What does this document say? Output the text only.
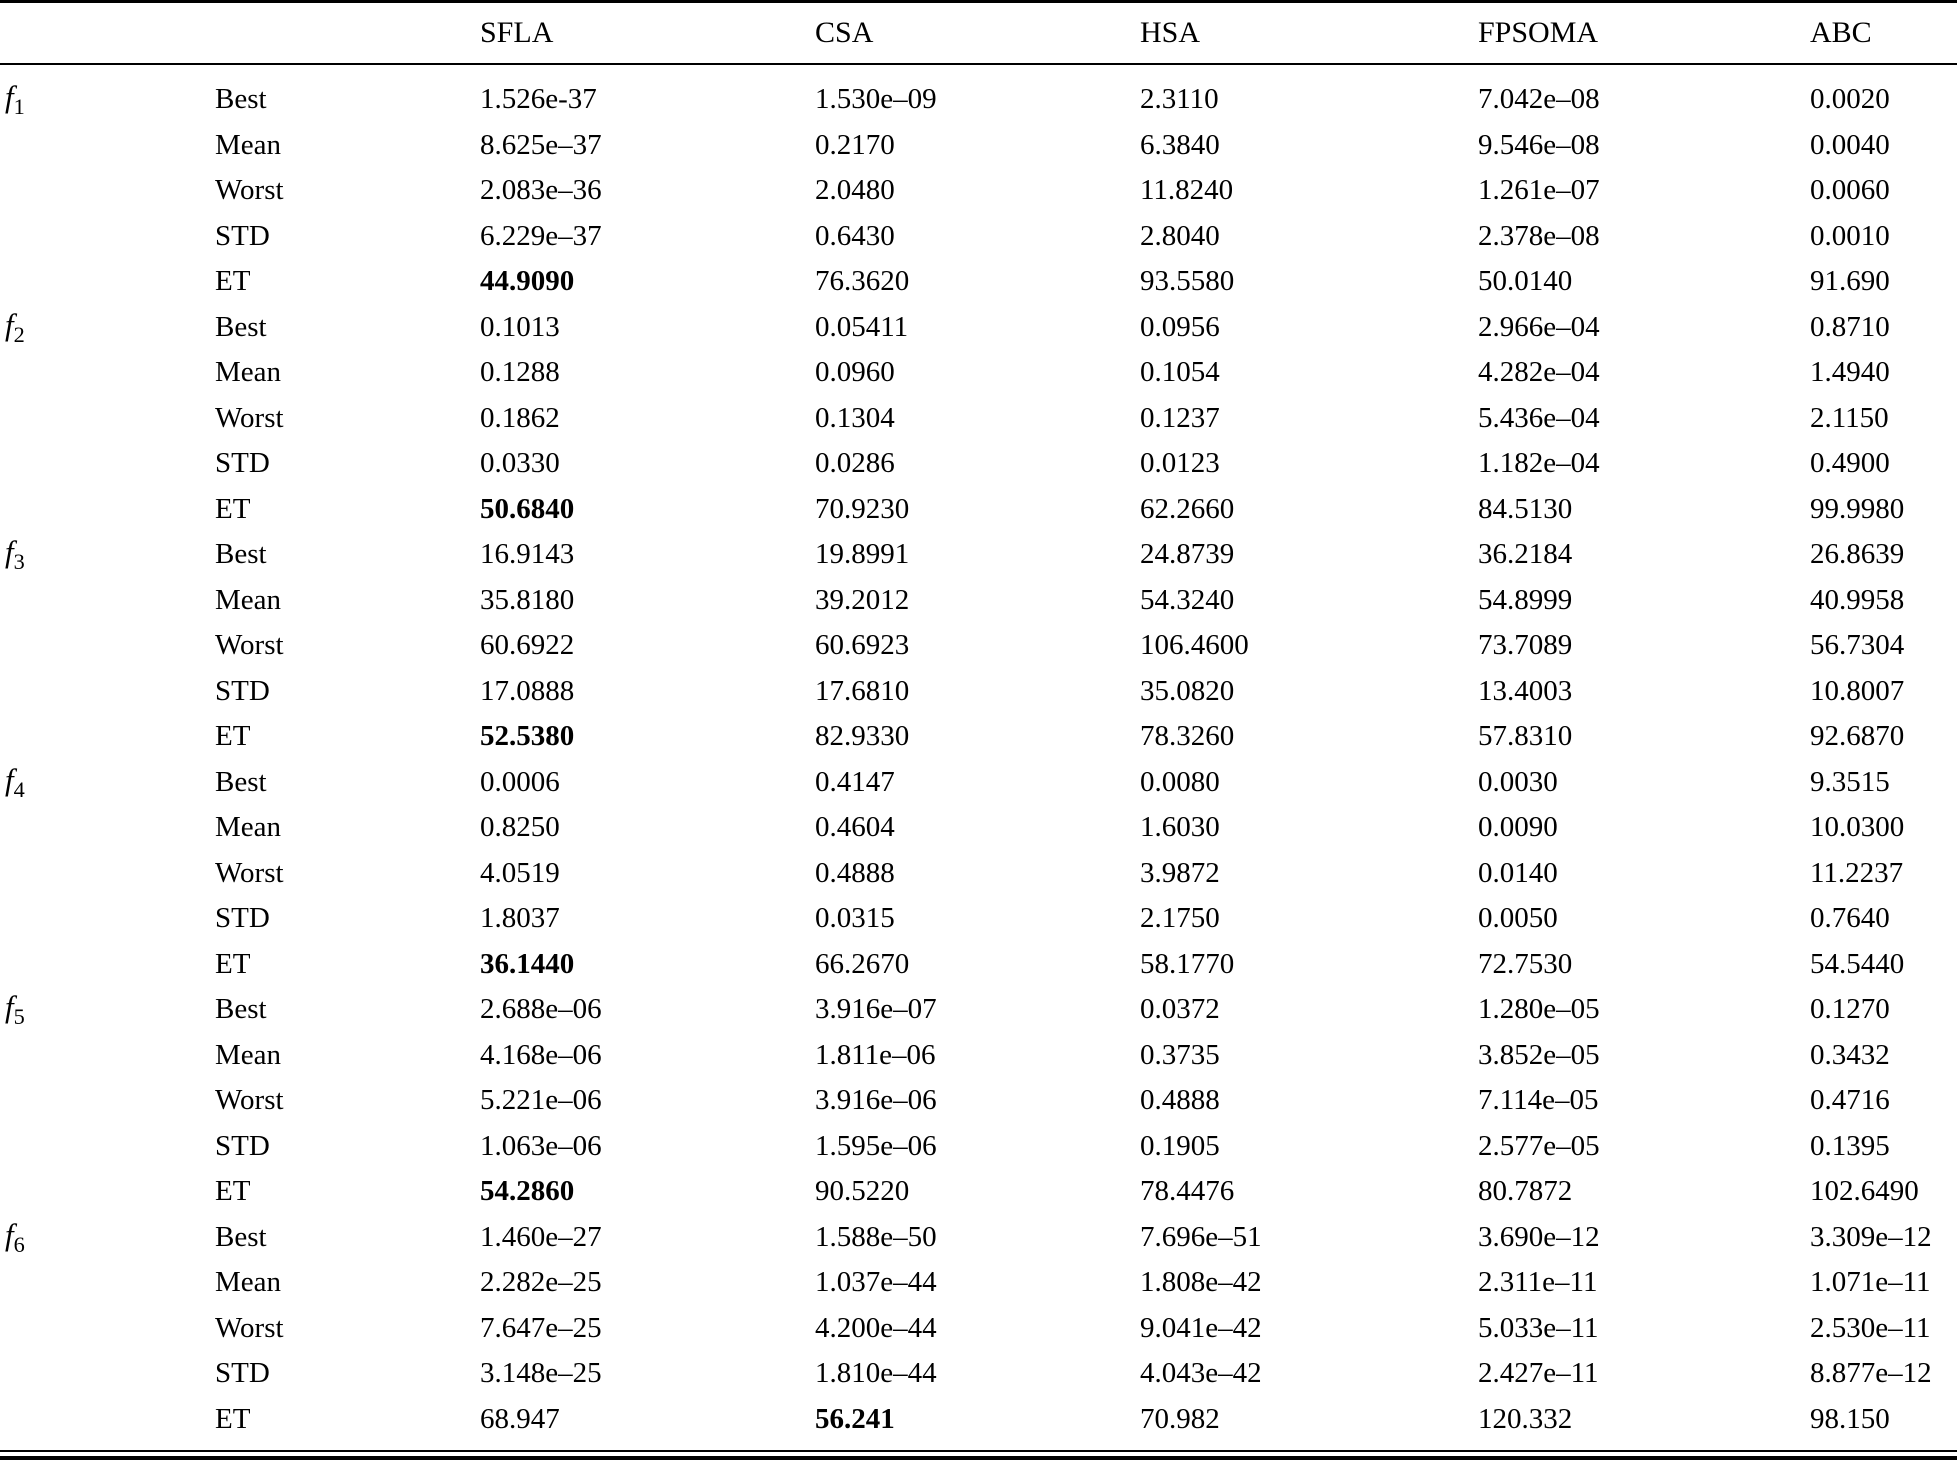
SFLA	CSA	HSA	FPSOMA	ABC
$f_1$	Best	1.526e-37	1.530e–09	2.3110	7.042e–08	0.0020
Mean	8.625e–37	0.2170	6.3840	9.546e–08	0.0040
Worst	2.083e–36	2.0480	11.8240	1.261e–07	0.0060
STD	6.229e–37	0.6430	2.8040	2.378e–08	0.0010
ET	44.9090	76.3620	93.5580	50.0140	91.690
$f_2$	Best	0.1013	0.05411	0.0956	2.966e–04	0.8710
Mean	0.1288	0.0960	0.1054	4.282e–04	1.4940
Worst	0.1862	0.1304	0.1237	5.436e–04	2.1150
STD	0.0330	0.0286	0.0123	1.182e–04	0.4900
ET	50.6840	70.9230	62.2660	84.5130	99.9980
$f_3$	Best	16.9143	19.8991	24.8739	36.2184	26.8639
Mean	35.8180	39.2012	54.3240	54.8999	40.9958
Worst	60.6922	60.6923	106.4600	73.7089	56.7304
STD	17.0888	17.6810	35.0820	13.4003	10.8007
ET	52.5380	82.9330	78.3260	57.8310	92.6870
$f_4$	Best	0.0006	0.4147	0.0080	0.0030	9.3515
Mean	0.8250	0.4604	1.6030	0.0090	10.0300
Worst	4.0519	0.4888	3.9872	0.0140	11.2237
STD	1.8037	0.0315	2.1750	0.0050	0.7640
ET	36.1440	66.2670	58.1770	72.7530	54.5440
$f_5$	Best	2.688e–06	3.916e–07	0.0372	1.280e–05	0.1270
Mean	4.168e–06	1.811e–06	0.3735	3.852e–05	0.3432
Worst	5.221e–06	3.916e–06	0.4888	7.114e–05	0.4716
STD	1.063e–06	1.595e–06	0.1905	2.577e–05	0.1395
ET	54.2860	90.5220	78.4476	80.7872	102.6490
$f_6$	Best	1.460e–27	1.588e–50	7.696e–51	3.690e–12	3.309e–12
Mean	2.282e–25	1.037e–44	1.808e–42	2.311e–11	1.071e–11
Worst	7.647e–25	4.200e–44	9.041e–42	5.033e–11	2.530e–11
STD	3.148e–25	1.810e–44	4.043e–42	2.427e–11	8.877e–12
ET	68.947	56.241	70.982	120.332	98.150
